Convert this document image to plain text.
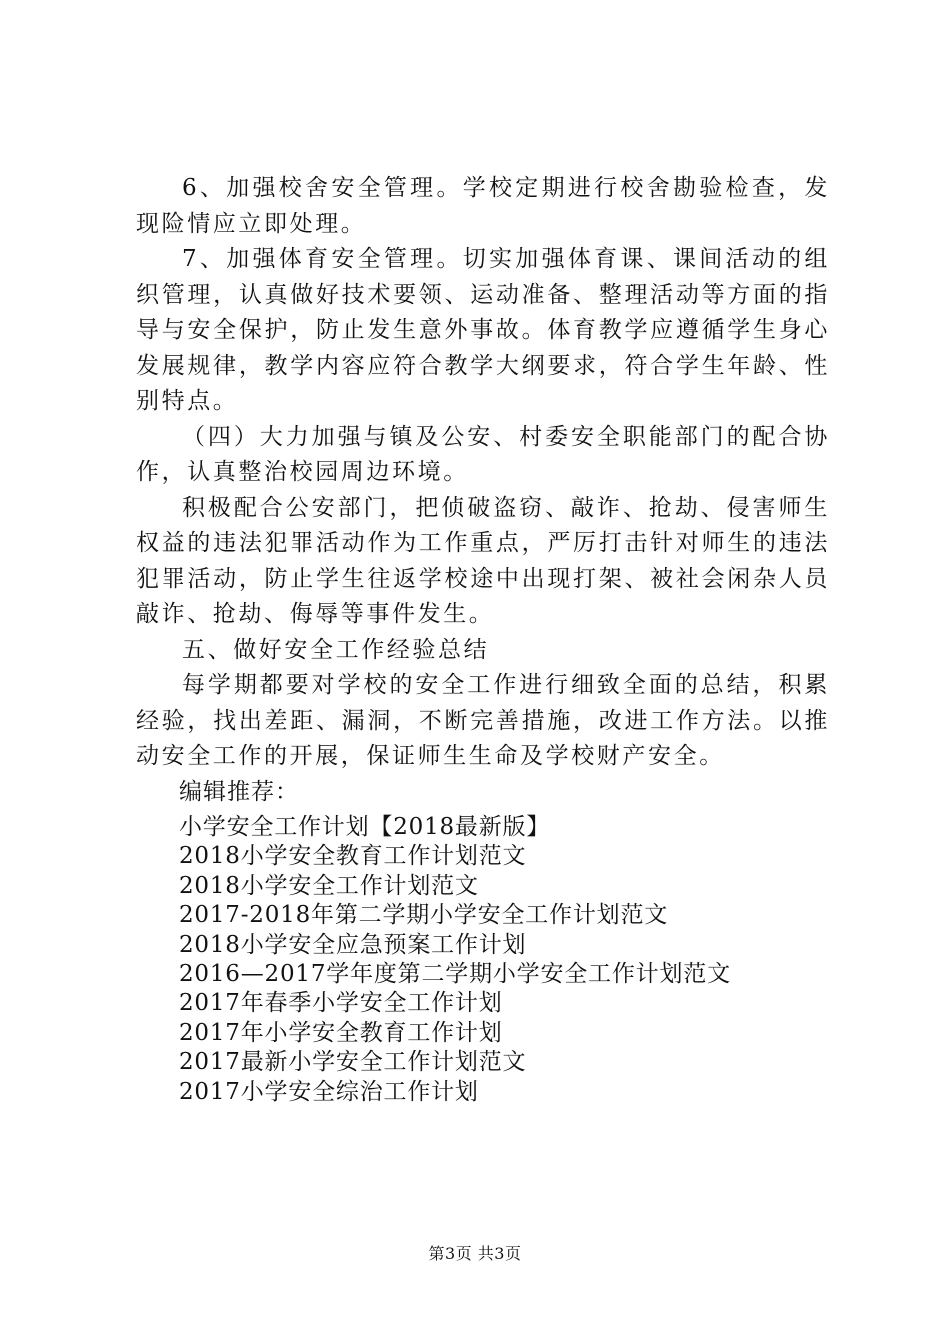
6、加强校舍安全管理。学校定期进行校舍勘验检查，发现险情应立即处理。

7、加强体育安全管理。切实加强体育课、课间活动的组织管理，认真做好技术要领、运动准备、整理活动等方面的指导与安全保护，防止发生意外事故。体育教学应遵循学生身心发展规律，教学内容应符合教学大纲要求，符合学生年龄、性别特点。

（四）大力加强与镇及公安、村委安全职能部门的配合协作，认真整治校园周边环境。

积极配合公安部门，把侦破盗窃、敲诈、抢劫、侵害师生权益的违法犯罪活动作为工作重点，严厉打击针对师生的违法犯罪活动，防止学生往返学校途中出现打架、被社会闲杂人员敲诈、抢劫、侮辱等事件发生。

五、做好安全工作经验总结

每学期都要对学校的安全工作进行细致全面的总结，积累经验，找出差距、漏洞，不断完善措施，改进工作方法。以推动安全工作的开展，保证师生生命及学校财产安全。

编辑推荐：

小学安全工作计划【2018最新版】
2018小学安全教育工作计划范文
2018小学安全工作计划范文
2017-2018年第二学期小学安全工作计划范文
2018小学安全应急预案工作计划
2016—2017学年度第二学期小学安全工作计划范文
2017年春季小学安全工作计划
2017年小学安全教育工作计划
2017最新小学安全工作计划范文
2017小学安全综治工作计划
第3页 共3页
